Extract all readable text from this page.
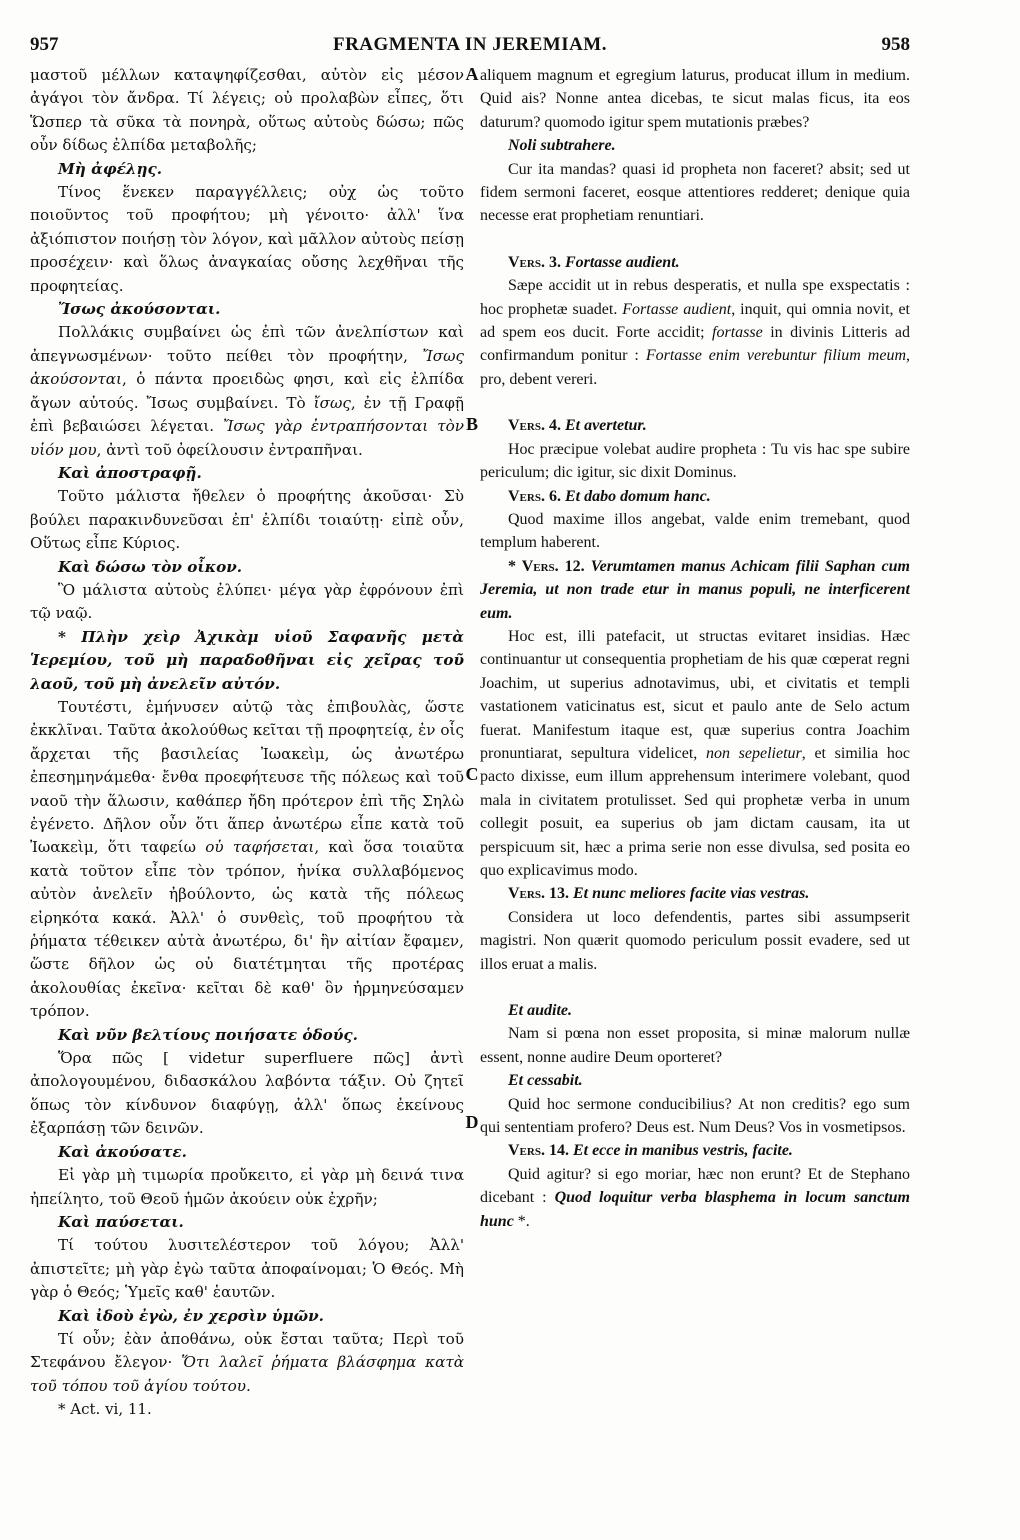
957	FRAGMENTA IN JEREMIAM.	958

μαστοῦ μέλλων καταψηφίζεσθαι, αὐτὸν εἰς μέσον ἀγάγοι τὸν ἄνδρα. Τί λέγεις; οὐ προλαβὼν εἶπες, ὅτι Ὥσπερ τὰ σῦκα τὰ πονηρὰ, οὕτως αὐτοὺς δώσω; πῶς οὖν δίδως ἐλπίδα μεταβολῆς;

Μὴ ἀφέλῃς.

Τίνος ἕνεκεν παραγγέλλεις; οὐχ ὡς τοῦτο ποιοῦντος τοῦ προφήτου; μὴ γένοιτο· ἀλλ' ἵνα ἀξιόπιστον ποιήσῃ τὸν λόγον, καὶ μᾶλλον αὐτοὺς πείσῃ προσέχειν· καὶ ὅλως ἀναγκαίας οὔσης λεχθῆναι τῆς προφητείας.

Ἴσως ἀκούσονται.

Πολλάκις συμβαίνει ὡς ἐπὶ τῶν ἀνελπίστων καὶ ἀπεγνωσμένων· τοῦτο πείθει τὸν προφήτην, Ἴσως ἀκούσονται, ὁ πάντα προειδὼς φησι, καὶ εἰς ἐλπίδα ἄγων αὐτούς. Ἴσως συμβαίνει. Τὸ ἴσως, ἐν τῇ Γραφῇ ἐπὶ βεβαιώσει λέγεται. Ἴσως γὰρ ἐντραπήσονται τὸν υἱόν μου, ἀντὶ τοῦ ὀφείλουσιν ἐντραπῆναι.

Καὶ ἀποστραφῇ.

Τοῦτο μάλιστα ἤθελεν ὁ προφήτης ἀκοῦσαι· Σὺ βούλει παρακινδυνεῦσαι ἐπ' ἐλπίδι τοιαύτῃ· εἰπὲ οὖν, Οὕτως εἶπε Κύριος.

Καὶ δώσω τὸν οἶκον.

Ὃ μάλιστα αὐτοὺς ἐλύπει· μέγα γὰρ ἐφρόνουν ἐπὶ τῷ ναῷ.

* Πλὴν χεὶρ Ἀχικὰμ υἱοῦ Σαφανῆς μετὰ Ἱερεμίου, τοῦ μὴ παραδοθῆναι εἰς χεῖρας τοῦ λαοῦ, τοῦ μὴ ἀνελεῖν αὐτόν.

Τουτέστι, ἐμήνυσεν αὐτῷ τὰς ἐπιβουλὰς, ὥστε ἐκκλῖναι. Ταῦτα ἀκολούθως κεῖται τῇ προφητείᾳ, ἐν οἷς ἄρχεται τῆς βασιλείας Ἰωακεὶμ, ὡς ἀνωτέρω ἐπεσημηνάμεθα· ἔνθα προεφήτευσε τῆς πόλεως καὶ τοῦ ναοῦ τὴν ἅλωσιν, καθάπερ ἤδη πρότερον ἐπὶ τῆς Σηλὼ ἐγένετο. Δῆλον οὖν ὅτι ἅπερ ἀνωτέρω εἶπε κατὰ τοῦ Ἰωακεὶμ, ὅτι ταφείω οὐ ταφήσεται, καὶ ὅσα τοιαῦτα κατὰ τοῦτον εἶπε τὸν τρόπον, ἡνίκα συλλαβόμενος αὐτὸν ἀνελεῖν ἠβούλοντο, ὡς κατὰ τῆς πόλεως εἰρηκότα κακά. Ἀλλ' ὁ συνθεὶς, τοῦ προφήτου τὰ ῥήματα τέθεικεν αὐτὰ ἀνωτέρω, δι' ἣν αἰτίαν ἔφαμεν, ὥστε δῆλον ὡς οὐ διατέτμηται τῆς προτέρας ἀκολουθίας ἐκεῖνα· κεῖται δὲ καθ' ὃν ἡρμηνεύσαμεν τρόπον.

Καὶ νῦν βελτίους ποιήσατε ὁδούς.

Ὅρα πῶς [ videtur superfluere πῶς] ἀντὶ ἀπολογουμένου, διδασκάλου λαβόντα τάξιν. Οὐ ζητεῖ ὅπως τὸν κίνδυνον διαφύγῃ, ἀλλ' ὅπως ἐκείνους ἐξαρπάσῃ τῶν δεινῶν.

Καὶ ἀκούσατε.

Εἰ γὰρ μὴ τιμωρία προὔκειτο, εἰ γὰρ μὴ δεινά τινα ἠπείλητο, τοῦ Θεοῦ ἡμῶν ἀκούειν οὐκ ἐχρῆν;

Καὶ παύσεται.

Τί τούτου λυσιτελέστερον τοῦ λόγου; Ἀλλ' ἀπιστεῖτε; μὴ γὰρ ἐγὼ ταῦτα ἀποφαίνομαι; Ὁ Θεός. Μὴ γὰρ ὁ Θεός; Ὑμεῖς καθ' ἑαυτῶν.

Καὶ ἰδοὺ ἐγὼ, ἐν χερσὶν ὑμῶν.

Τί οὖν; ἐὰν ἀποθάνω, οὐκ ἔσται ταῦτα; Περὶ τοῦ Στεφάνου ἔλεγον· Ὅτι λαλεῖ ῥήματα βλάσφημα κατὰ τοῦ τόπου τοῦ ἁγίου τούτου.

* Act. vi, 11.

A
B
C
D

aliquem magnum et egregium laturus, producat illum in medium. Quid ais? Nonne antea dicebas, te sicut malas ficus, ita eos daturum? quomodo igitur spem mutationis præbes?

Noli subtrahere.

Cur ita mandas? quasi id propheta non faceret? absit; sed ut fidem sermoni faceret, eosque attentiores redderet; denique quia necesse erat prophetiam renuntiari.

Vers. 3. Fortasse audient.

Sæpe accidit ut in rebus desperatis, et nulla spe exspectatis : hoc prophetæ suadet. Fortasse audient, inquit, qui omnia novit, et ad spem eos ducit. Forte accidit; fortasse in divinis Litteris ad confirmandum ponitur : Fortasse enim verebuntur filium meum, pro, debent vereri.

Vers. 4. Et avertetur.

Hoc præcipue volebat audire propheta : Tu vis hac spe subire periculum; dic igitur, sic dixit Dominus.

Vers. 6. Et dabo domum hanc.

Quod maxime illos angebat, valde enim tremebant, quod templum haberent.

* Vers. 12. Verumtamen manus Achicam filii Saphan cum Jeremia, ut non trade etur in manus populi, ne interficerent eum.

Hoc est, illi patefacit, ut structas evitaret insidias. Hæc continuantur ut consequentia prophetiam de his quæ cœperat regni Joachim, ut superius adnotavimus, ubi, et civitatis et templi vastationem vaticinatus est, sicut et paulo ante de Selo actum fuerat. Manifestum itaque est, quæ superius contra Joachim pronuntiarat, sepultura videlicet, non sepelietur, et similia hoc pacto dixisse, eum illum apprehensum interimere volebant, quod mala in civitatem protulisset. Sed qui prophetæ verba in unum collegit posuit, ea superius ob jam dictam causam, ita ut perspicuum sit, hæc a prima serie non esse divulsa, sed posita eo quo explicavimus modo.

Vers. 13. Et nunc meliores facite vias vestras.

Considera ut loco defendentis, partes sibi assumpserit magistri. Non quærit quomodo periculum possit evadere, sed ut illos eruat a malis.

Et audite.

Nam si pœna non esset proposita, si minæ malorum nullæ essent, nonne audire Deum oporteret?

Et cessabit.

Quid hoc sermone conducibilius? At non creditis? ego sum qui sententiam profero? Deus est. Num Deus? Vos in vosmetipsos.

Vers. 14. Et ecce in manibus vestris, facite.

Quid agitur? si ego moriar, hæc non erunt? Et de Stephano dicebant : Quod loquitur verba blasphema in locum sanctum hunc *.
